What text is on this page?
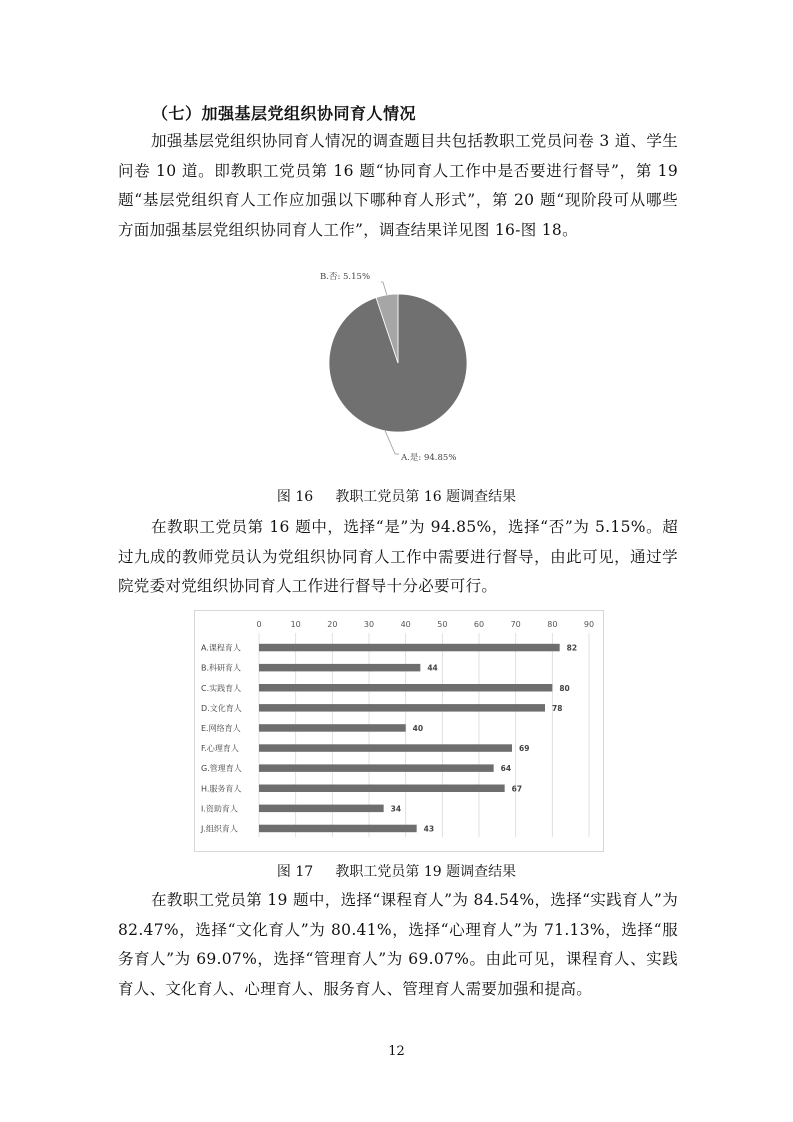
（七）加强基层党组织协同育人情况

加强基层党组织协同育人情况的调查题目共包括教职工党员问卷 3 道、学生问卷 10 道。即教职工党员第 16 题“协同育人工作中是否要进行督导”，第 19 题“基层党组织育人工作应加强以下哪种育人形式”，第 20 题“现阶段可从哪些方面加强基层党组织协同育人工作”，调查结果详见图 16-图 18。

B.否: 5.15%
A.是: 94.85%
图 16     教职工党员第 16 题调查结果

在教职工党员第 16 题中，选择“是”为 94.85%，选择“否”为 5.15%。超过九成的教师党员认为党组织协同育人工作中需要进行督导，由此可见，通过学院党委对党组织协同育人工作进行督导十分必要可行。

0	10	20	30	40	50	60	70	80	90
A.课程育人	82
B.科研育人	44
C.实践育人	80
D.文化育人	78
E.网络育人	40
F.心理育人	69
G.管理育人	64
H.服务育人	67
I.资助育人	34
J.组织育人	43
图 17     教职工党员第 19 题调查结果

在教职工党员第 19 题中，选择“课程育人”为 84.54%，选择“实践育人”为 82.47%，选择“文化育人”为 80.41%，选择“心理育人”为 71.13%，选择“服务育人”为 69.07%，选择“管理育人”为 69.07%。由此可见，课程育人、实践育人、文化育人、心理育人、服务育人、管理育人需要加强和提高。

12
